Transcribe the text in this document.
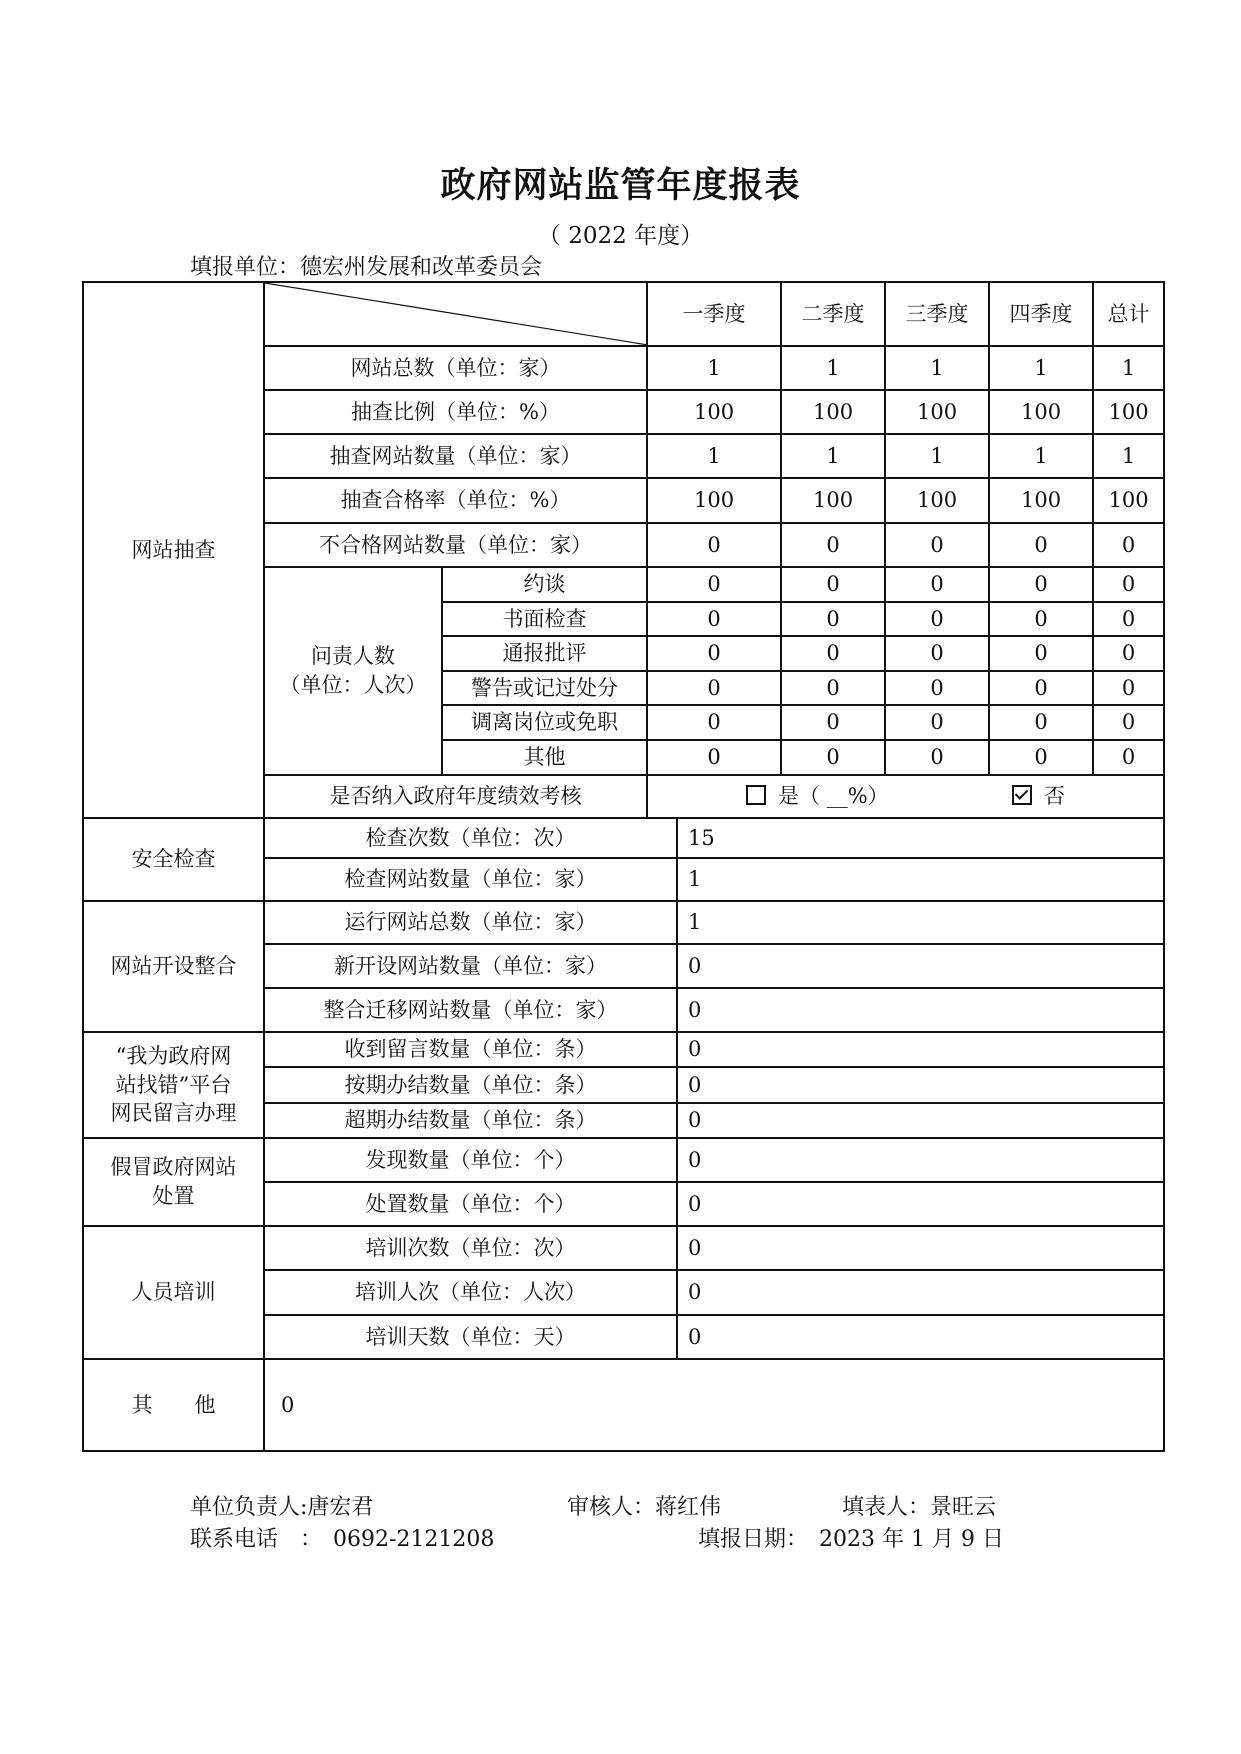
政府网站监管年度报表
（ 2022 年度）
填报单位：德宏州发展和改革委员会
网站抽查			一季度		二季度	三季度	四季度	总计
	网站总数（单位：家）		1		1	1	1	1
	抽查比例（单位：%）		100		100	100	100	100
	抽查网站数量（单位：家）		1		1	1	1	1
	抽查合格率（单位：%）		100		100	100	100	100
	不合格网站数量（单位：家）		0		0	0	0	0

	问责人数
（单位：人次）	约谈	0		0	0	0	0
		书面检查	0		0	0	0	0
		通报批评	0		0	0	0	0
		警告或记过处分	0		0	0	0	0
		调离岗位或免职	0		0	0	0	0
		其他	0		0	0	0	0
	是否纳入政府年度绩效考核		是（ __%） 否					
安全检查	检查次数（单位：次）			15				
	检查网站数量（单位：家）			1				
网站开设整合	运行网站总数（单位：家）			1				
	新开设网站数量（单位：家）			0				
	整合迁移网站数量（单位：家）			0				

“我为政府网
站找错”平台
网民留言办理	收到留言数量（单位：条）			0				
	按期办结数量（单位：条）			0				
	超期办结数量（单位：条）			0				

假冒政府网站
处置	发现数量（单位：个）			0				
	处置数量（单位：个）			0				
人员培训	培训次数（单位：次）			0				
	培训人次（单位：人次）			0				
	培训天数（单位：天）			0				
其　　他	0							
单位负责人:唐宏君	审核人：蒋红伟	填表人：景旺云
联系电话　：　0692-2121208	填报日期：　2023 年 1 月 9 日
